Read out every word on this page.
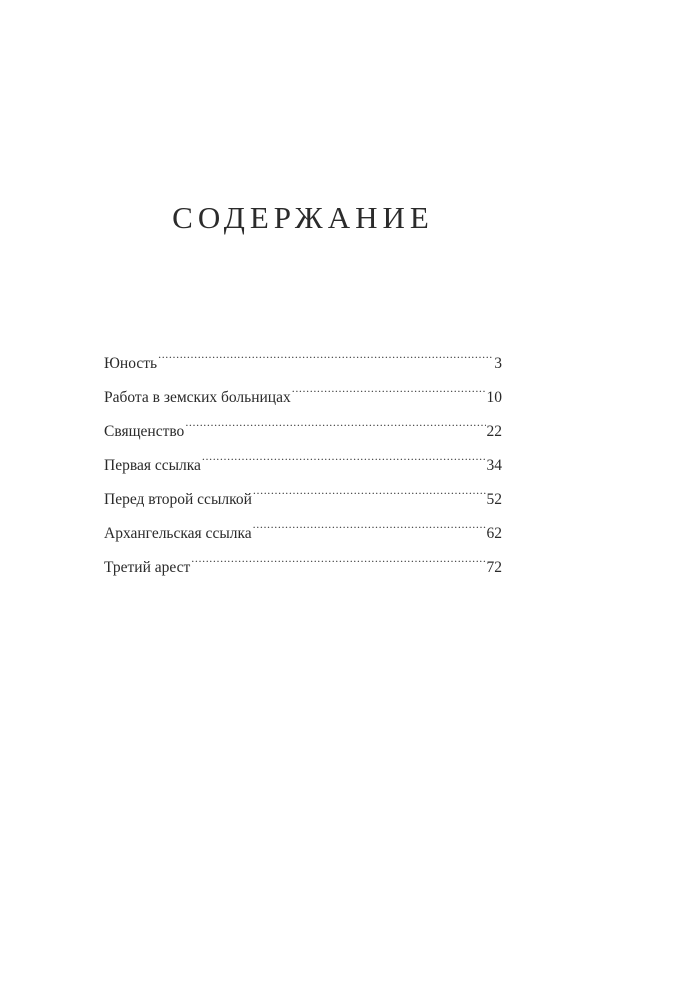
СОДЕРЖАНИЕ
Юность .....	3
Работа в земских больницах .....	10
Священство .....	22
Первая ссылка .....	34
Перед второй ссылкой .....	52
Архангельская ссылка .....	62
Третий арест .....	72
